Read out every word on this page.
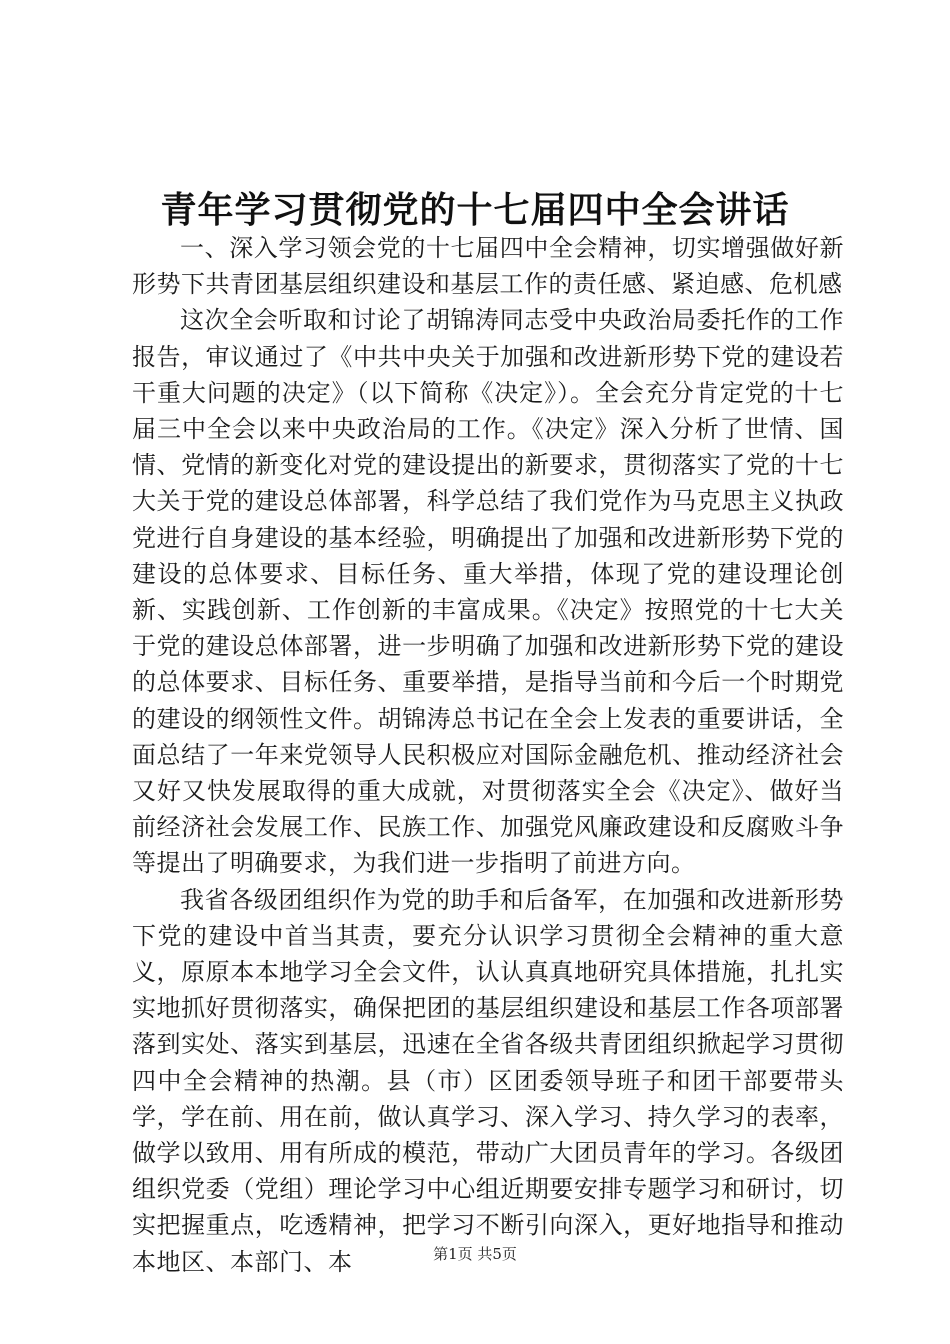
青年学习贯彻党的十七届四中全会讲话

一、深入学习领会党的十七届四中全会精神，切实增强做好新形势下共青团基层组织建设和基层工作的责任感、紧迫感、危机感

这次全会听取和讨论了胡锦涛同志受中央政治局委托作的工作报告，审议通过了《中共中央关于加强和改进新形势下党的建设若干重大问题的决定》（以下简称《决定》）。全会充分肯定党的十七届三中全会以来中央政治局的工作。《决定》深入分析了世情、国情、党情的新变化对党的建设提出的新要求，贯彻落实了党的十七大关于党的建设总体部署，科学总结了我们党作为马克思主义执政党进行自身建设的基本经验，明确提出了加强和改进新形势下党的建设的总体要求、目标任务、重大举措，体现了党的建设理论创新、实践创新、工作创新的丰富成果。《决定》按照党的十七大关于党的建设总体部署，进一步明确了加强和改进新形势下党的建设的总体要求、目标任务、重要举措，是指导当前和今后一个时期党的建设的纲领性文件。胡锦涛总书记在全会上发表的重要讲话，全面总结了一年来党领导人民积极应对国际金融危机、推动经济社会又好又快发展取得的重大成就，对贯彻落实全会《决定》、做好当前经济社会发展工作、民族工作、加强党风廉政建设和反腐败斗争等提出了明确要求，为我们进一步指明了前进方向。

我省各级团组织作为党的助手和后备军，在加强和改进新形势下党的建设中首当其责，要充分认识学习贯彻全会精神的重大意义，原原本本地学习全会文件，认认真真地研究具体措施，扎扎实实地抓好贯彻落实，确保把团的基层组织建设和基层工作各项部署落到实处、落实到基层，迅速在全省各级共青团组织掀起学习贯彻四中全会精神的热潮。县（市）区团委领导班子和团干部要带头学，学在前、用在前，做认真学习、深入学习、持久学习的表率，做学以致用、用有所成的模范，带动广大团员青年的学习。各级团组织党委（党组）理论学习中心组近期要安排专题学习和研讨，切实把握重点，吃透精神，把学习不断引向深入，更好地指导和推动本地区、本部门、本	第1页 共5页
